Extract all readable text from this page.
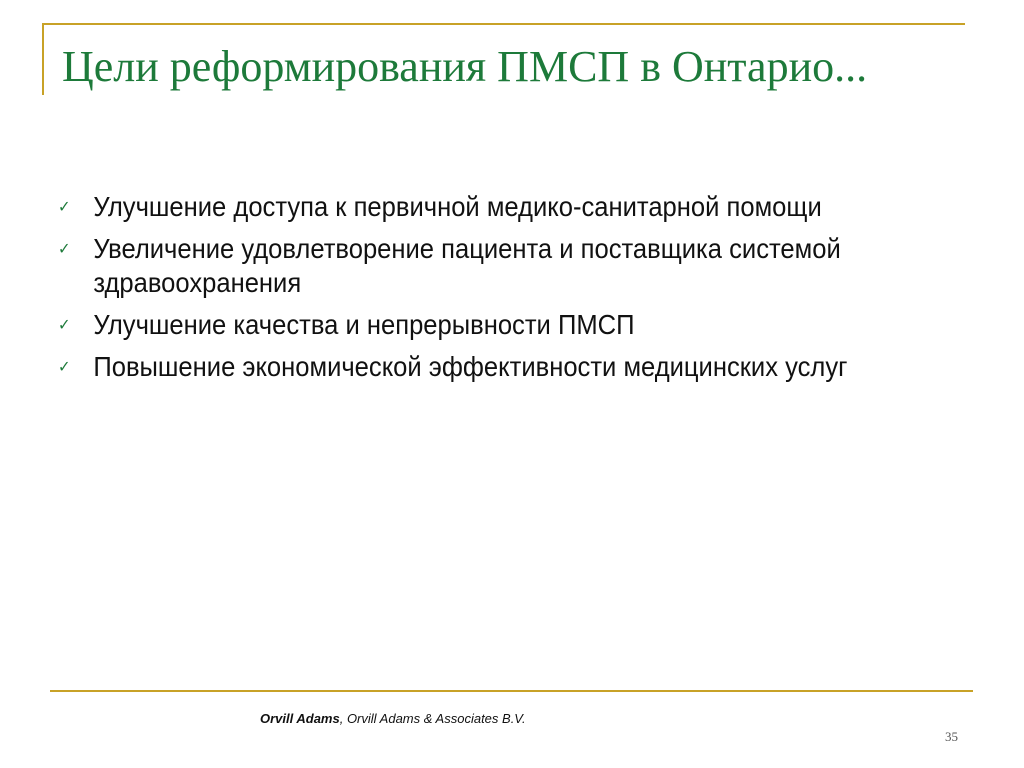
Цели реформирования ПМСП в Онтарио...
✓ Улучшение доступа к первичной медико-санитарной помощи
✓ Увеличение удовлетворение пациента и поставщика системой здравоохранения
✓ Улучшение качества и непрерывности ПМСП
✓ Повышение экономической эффективности медицинских услуг
Orvill Adams, Orvill Adams & Associates B.V.
35
